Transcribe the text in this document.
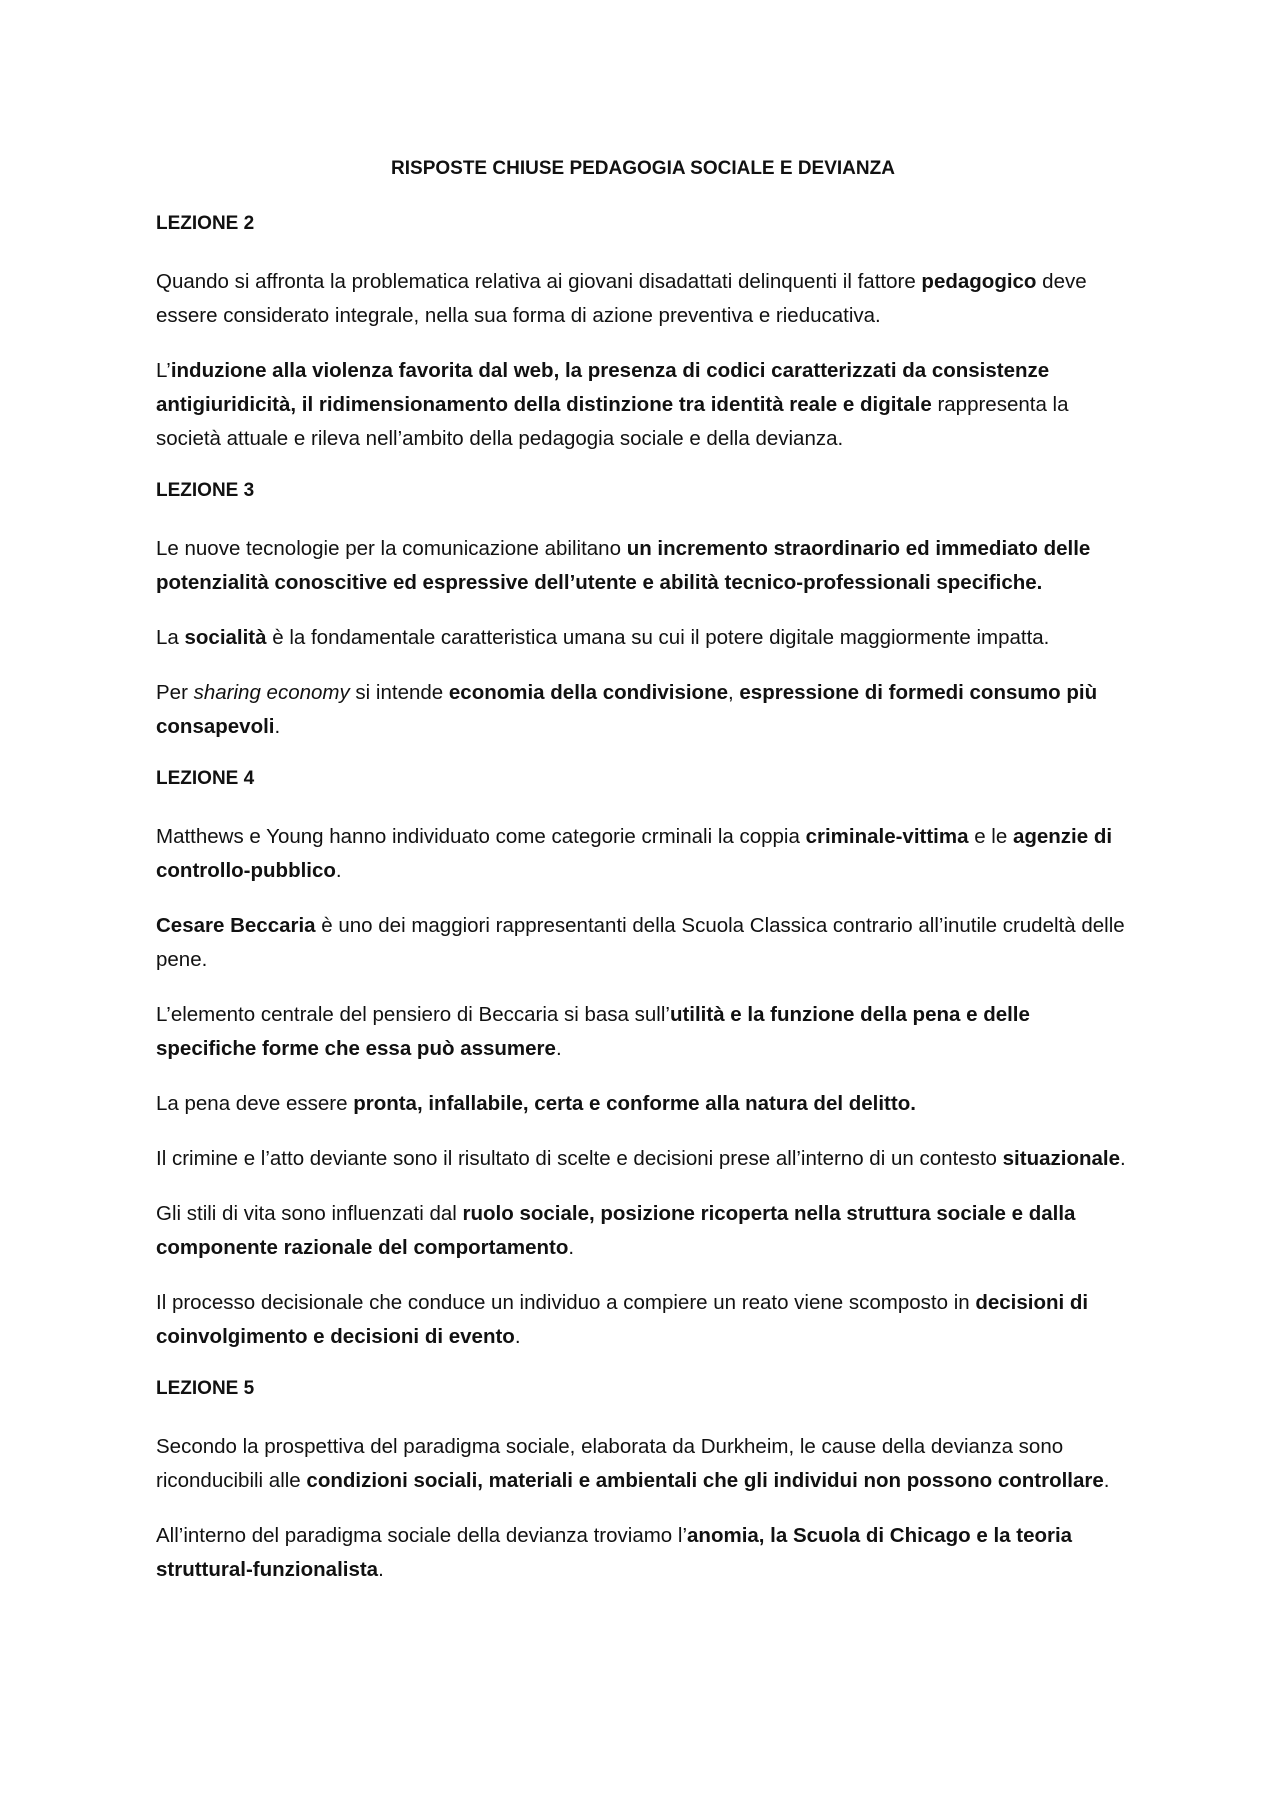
RISPOSTE CHIUSE PEDAGOGIA SOCIALE E DEVIANZA
LEZIONE 2

Quando si affronta la problematica relativa ai giovani disadattati delinquenti il fattore pedagogico deve essere considerato integrale, nella sua forma di azione preventiva e rieducativa.

L’induzione alla violenza favorita dal web, la presenza di codici caratterizzati da consistenze antigiuridicità, il ridimensionamento della distinzione tra identità reale e digitale rappresenta la società attuale e rileva nell’ambito della pedagogia sociale e della devianza.

LEZIONE 3

Le nuove tecnologie per la comunicazione abilitano un incremento straordinario ed immediato delle potenzialità conoscitive ed espressive dell’utente e abilità tecnico-professionali specifiche.

La socialità è la fondamentale caratteristica umana su cui il potere digitale maggiormente impatta.

Per sharing economy si intende economia della condivisione, espressione di formedi consumo più consapevoli.

LEZIONE 4

Matthews e Young hanno individuato come categorie crminali la coppia criminale-vittima e le agenzie di controllo-pubblico.

Cesare Beccaria è uno dei maggiori rappresentanti della Scuola Classica contrario all’inutile crudeltà delle pene.

L’elemento centrale del pensiero di Beccaria si basa sull’utilità e la funzione della pena e delle specifiche forme che essa può assumere.

La pena deve essere pronta, infallabile, certa e conforme alla natura del delitto.

Il crimine e l’atto deviante sono il risultato di scelte e decisioni prese all’interno di un contesto situazionale.

Gli stili di vita sono influenzati dal ruolo sociale, posizione ricoperta nella struttura sociale e dalla componente razionale del comportamento.

Il processo decisionale che conduce un individuo a compiere un reato viene scomposto in decisioni di coinvolgimento e decisioni di evento.

LEZIONE 5

Secondo la prospettiva del paradigma sociale, elaborata da Durkheim, le cause della devianza sono riconducibili alle condizioni sociali, materiali e ambientali che gli individui non possono controllare.

All’interno del paradigma sociale della devianza troviamo l’anomia, la Scuola di Chicago e la teoria struttural-funzionalista.
